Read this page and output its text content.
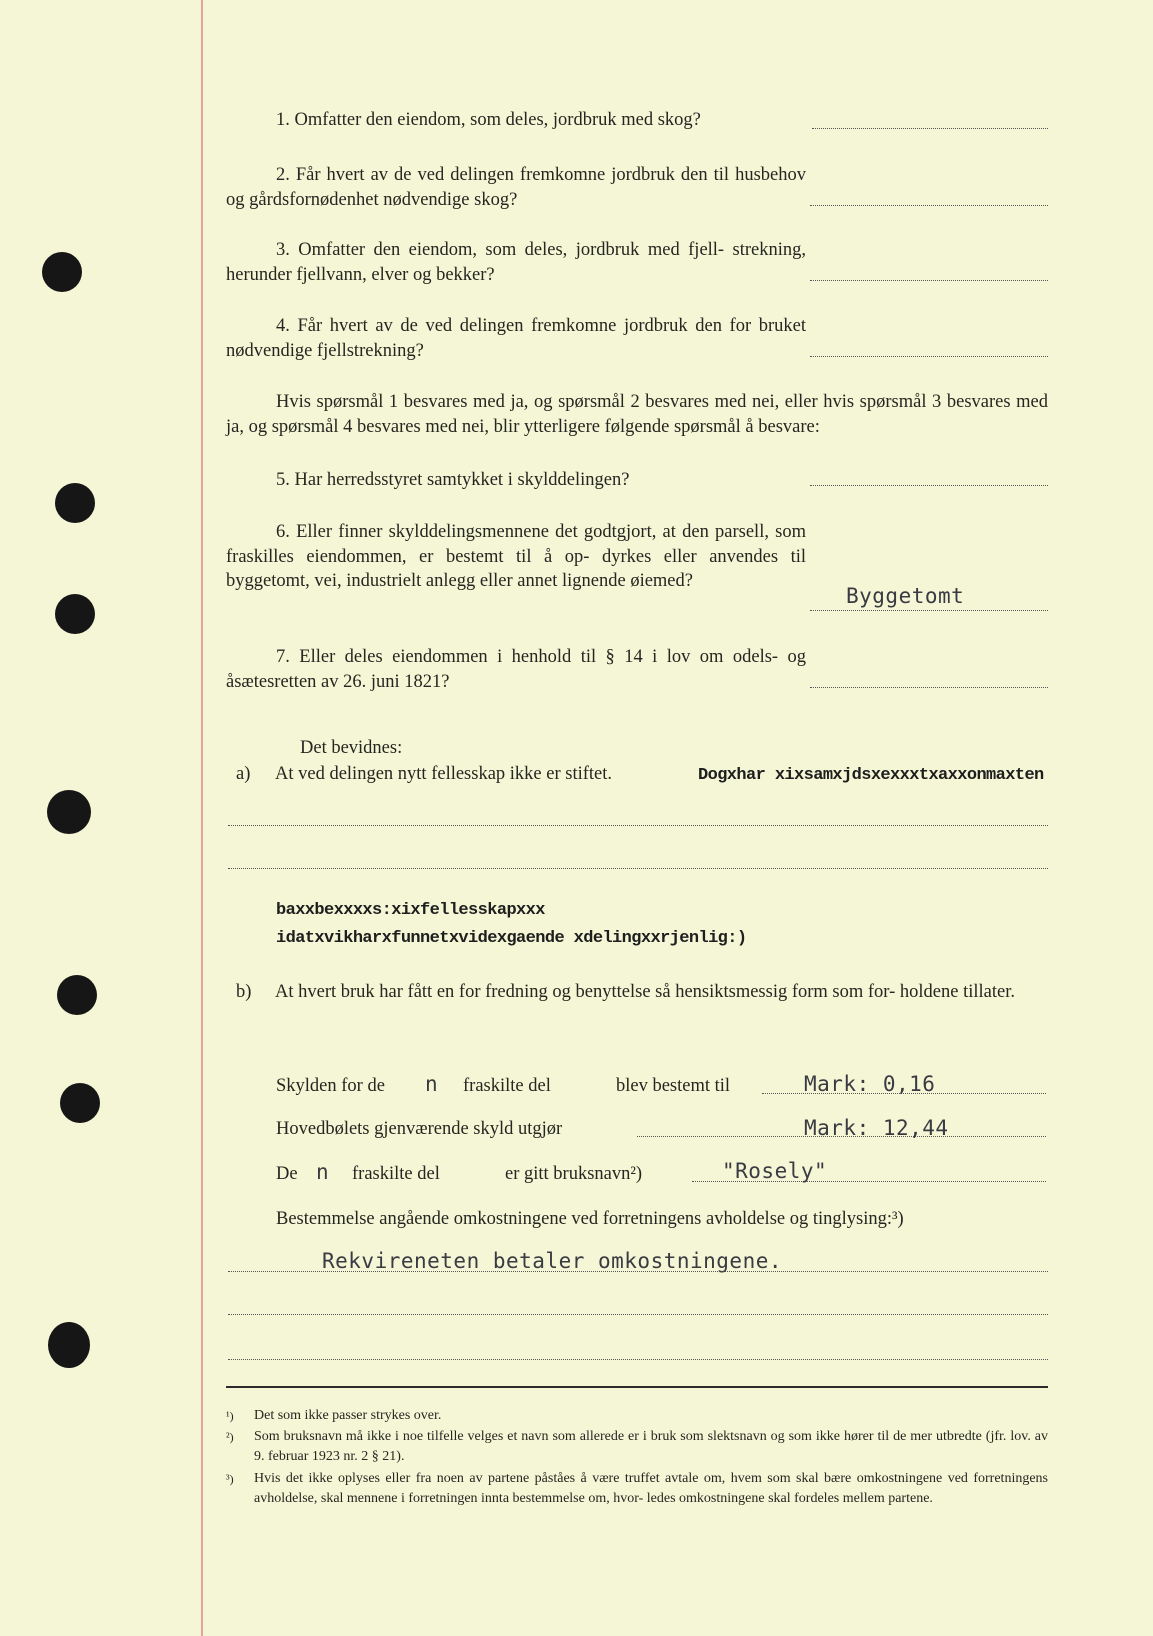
1. Omfatter den eiendom, som deles, jordbruk med skog?
2. Får hvert av de ved delingen fremkomne jordbruk den til husbehov og gårdsfornødenhet nødvendige skog?
3. Omfatter den eiendom, som deles, jordbruk med fjell- strekning, herunder fjellvann, elver og bekker?
4. Får hvert av de ved delingen fremkomne jordbruk den for bruket nødvendige fjellstrekning?
Hvis spørsmål 1 besvares med ja, og spørsmål 2 besvares med nei, eller hvis spørsmål 3 besvares med ja, og spørsmål 4 besvares med nei, blir ytterligere følgende spørsmål å besvare:
5. Har herredsstyret samtykket i skylddelingen?
6. Eller finner skylddelingsmennene det godtgjort, at den parsell, som fraskilles eiendommen, er bestemt til å op- dyrkes eller anvendes til byggetomt, vei, industrielt anlegg eller annet lignende øiemed?
Byggetomt
7. Eller deles eiendommen i henhold til § 14 i lov om odels- og åsætesretten av 26. juni 1821?
Det bevidnes:
a) At ved delingen nytt fellesskap ikke er stiftet.	Dogxhar xixsamxjdsxexxxtxaxxonmaxten
baxxbexxxxs:xixfellesskapxxx
idatxvikharxfunnetxvidexgaende xdelingxxrjenlig:)
b) At hvert bruk har fått en for fredning og benyttelse så hensiktsmessig form som for- holdene tillater.
Skylden for de n fraskilte del	blev bestemt til	Mark: 0,16
Hovedbølets gjenværende skyld utgjør	Mark: 12,44
De n fraskilte del	er gitt bruksnavn²)	"Rosely"
Bestemmelse angående omkostningene ved forretningens avholdelse og tinglysing:³)
Rekvireneten betaler omkostningene.
¹) Det som ikke passer strykes over.
²) Som bruksnavn må ikke i noe tilfelle velges et navn som allerede er i bruk som slektsnavn og som ikke hører til de mer utbredte (jfr. lov. av 9. februar 1923 nr. 2 § 21).
³) Hvis det ikke oplyses eller fra noen av partene påståes å være truffet avtale om, hvem som skal bære omkostningene ved forretningens avholdelse, skal mennene i forretningen innta bestemmelse om, hvor- ledes omkostningene skal fordeles mellem partene.
